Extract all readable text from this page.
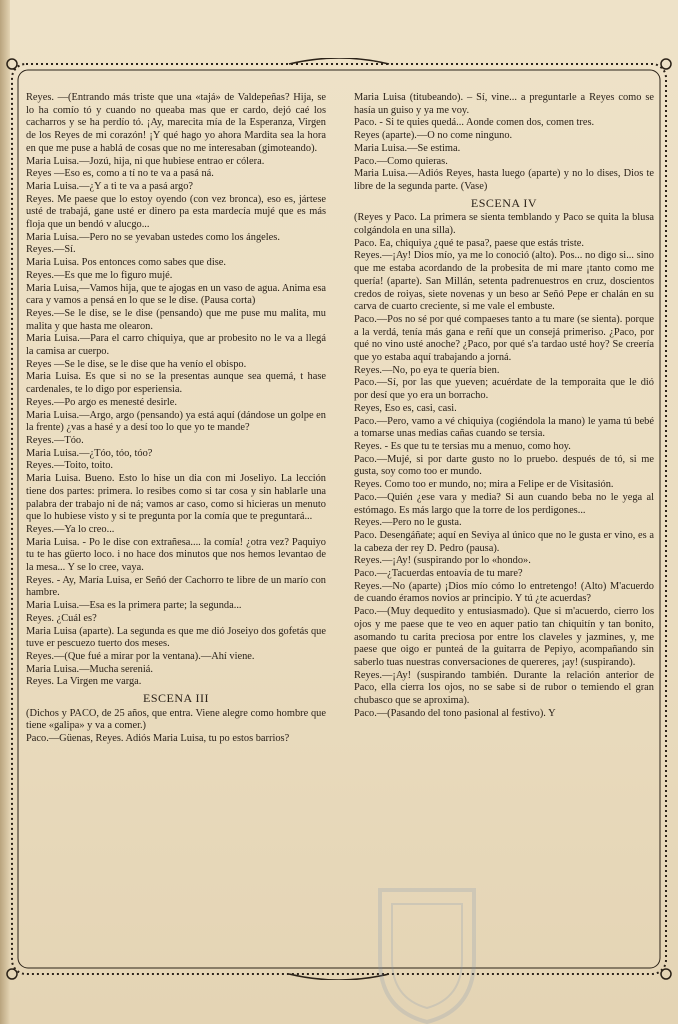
Reyes. —(Entrando más triste que una «tajá» de Valdepeñas? Hija, se lo ha comío tó y cuando no queaba mas que er cardo, dejó caé los cacharros y se ha perdío tó. ¡Ay, marecita mía de la Esperanza, Virgen de los Reyes de mi corazón! ¡Y qué hago yo ahora Mardita sea la hora en que me puse a hablá de cosas que no me interesaban (gimoteando).

Maria Luisa.—Jozú, hija, ni que hubiese entrao er cólera.

Reyes —Eso es, como a tí no te va a pasá ná.

Maria Luisa.—¿Y a ti te va a pasá argo?

Reyes. Me paese que lo estoy oyendo (con vez bronca), eso es, jártese usté de trabajá, gane usté er dinero pa esta mardecía mujé que es más floja que un bendó v alucgo...

Maria Luisa.—Pero no se yevaban ustedes como los ángeles.

Reyes.—Sí.

Maria Luisa. Pos entonces como sabes que dise.

Reyes.—Es que me lo figuro mujé.

Maria Luisa,—Vamos hija, que te ajogas en un vaso de agua. Anima esa cara y vamos a pensá en lo que se le dise. (Pausa corta)

Reyes.—Se le dise, se le dise (pensando) que me puse mu malita, mu malita y que hasta me olearon.

Maria Luisa.—Para el carro chiquiya, que ar probesito no le va a llegá la camisa ar cuerpo.

Reyes —Se le dise, se le dise que ha venío el obispo.

Maria Luisa. Es que si no se la presentas aunque sea quemá, t hase cardenales, te lo digo por esperiensia.

Reyes.—Po argo es menesté desirle.

Maria Luisa.—Argo, argo (pensando) ya está aquí (dándose un golpe en la frente) ¿vas a hasé y a desí too lo que yo te mande?

Reyes.—Tóo.

Maria Luisa.—¿Tóo, tóo, tóo?

Reyes.—Toito, toito.

Maria Luisa. Bueno. Esto lo hise un dia con mi Joseliyo. La lección tiene dos partes: primera. lo resibes como si tar cosa y sin hablarle una palabra der trabajo ni de ná; vamos ar caso, como si hicieras un menuto que lo hubiese visto y si te pregunta por la comía que te preguntará...

Reyes.—Ya lo creo...

Maria Luisa. - Po le dise con extrañesa.... la comía! ¿otra vez? Paquiyo tu te has güerto loco. i no hace dos minutos que nos hemos levantao de la mesa... Y se lo cree, vaya.

Reyes. - Ay, María Luisa, er Señó der Cachorro te libre de un marío con hambre.

Maria Luisa.—Esa es la primera parte; la segunda...

Reyes. ¿Cuál es?

Maria Luisa (aparte). La segunda es que me dió Joseiyo dos gofetás que tuve er pescuezo tuerto dos meses.

Reyes.—(Que fué a mirar por la ventana).—Ahí viene.

Maria Luisa.—Mucha sereniá.

Reyes. La Virgen me varga.

ESCENA III

(Dichos y PACO, de 25 años, que entra. Viene alegre como hombre que tiene «galipa» y va a comer.)

Paco.—Güenas, Reyes. Adiós Maria Luisa, tu po estos barrios?

Maria Luisa (titubeando). – Sí, vine... a preguntarle a Reyes como se hasía un guiso y ya me voy.

Paco. - Si te quies quedá... Aonde comen dos, comen tres.

Reyes (aparte).—O no come ninguno.

Maria Luisa.—Se estima.

Paco.—Como quieras.

Maria Luisa.—Adiós Reyes, hasta luego (aparte) y no lo dises, Dios te libre de la segunda parte. (Vase)

ESCENA IV

(Reyes y Paco. La primera se sienta temblando y Paco se quita la blusa colgándola en una silla).

Paco. Ea, chiquiya ¿qué te pasa?, paese que estás triste.

Reyes.—¡Ay! Dios mío, ya me lo conoció (alto). Pos... no digo si... sino que me estaba acordando de la probesita de mi mare ¡tanto como me quería! (aparte). San Millán, setenta padrenuestros en cruz, doscientos credos de roiyas, siete novenas y un beso ar Señó Pepe er chalán en su carva de cuarto creciente, si me vale el embuste.

Paco.—Pos no sé por qué compaeses tanto a tu mare (se sienta). porque a la verdá, tenía más gana e reñí que un consejá primeriso. ¿Paco, por qué no vino usté anoche? ¿Paco, por qué s'a tardao usté hoy? Se creería que yo estaba aquí trabajando a jorná.

Reyes.—No, po eya te quería bien.

Paco.—Sí, por las que yueven; acuérdate de la temporaita que le dió por desí que yo era un borracho.

Reyes, Eso es, casi, casi.

Paco.—Pero, vamo a vé chiquiya (cogiéndola la mano) le yama tú bebé a tomarse unas medias cañas cuando se tersia.

Reyes. - Es que tu te tersias mu a menuo, como hoy.

Paco.—Mujé, si por darte gusto no lo pruebo. después de tó, si me gusta, soy como too er mundo.

Reyes. Como too er mundo, no; mira a Felipe er de Visitasión.

Paco.—Quién ¿ese vara y media? Si aun cuando beba no le yega al estómago. Es más largo que la torre de los perdigones...

Reyes.—Pero no le gusta.

Paco. Desengáñate; aquí en Seviya al único que no le gusta er vino, es a la cabeza der rey D. Pedro (pausa).

Reyes.—¡Ay! (suspirando por lo «hondo».

Paco.—¿Tacuerdas entoavía de tu mare?

Reyes.—No (aparte) ¡Dios mío cómo lo entretengo! (Alto) M'acuerdo de cuando éramos novios ar principio. Y tú ¿te acuerdas?

Paco.—(Muy dequedito y entusiasmado). Que si m'acuerdo, cierro los ojos y me paese que te veo en aquer patio tan chiquitín y tan bonito, asomando tu carita preciosa por entre los claveles y jazmines, y, me paese que oigo er punteá de la guitarra de Pepiyo, acompañando sin saberlo tuas nuestras conversaciones de quereres, ¡ay! (suspirando).

Reyes.—¡Ay! (suspirando también. Durante la relación anterior de Paco, ella cierra los ojos, no se sabe si de rubor o temiendo el gran chubasco que se aproxima).

Paco.—(Pasando del tono pasional al festivo). Y
